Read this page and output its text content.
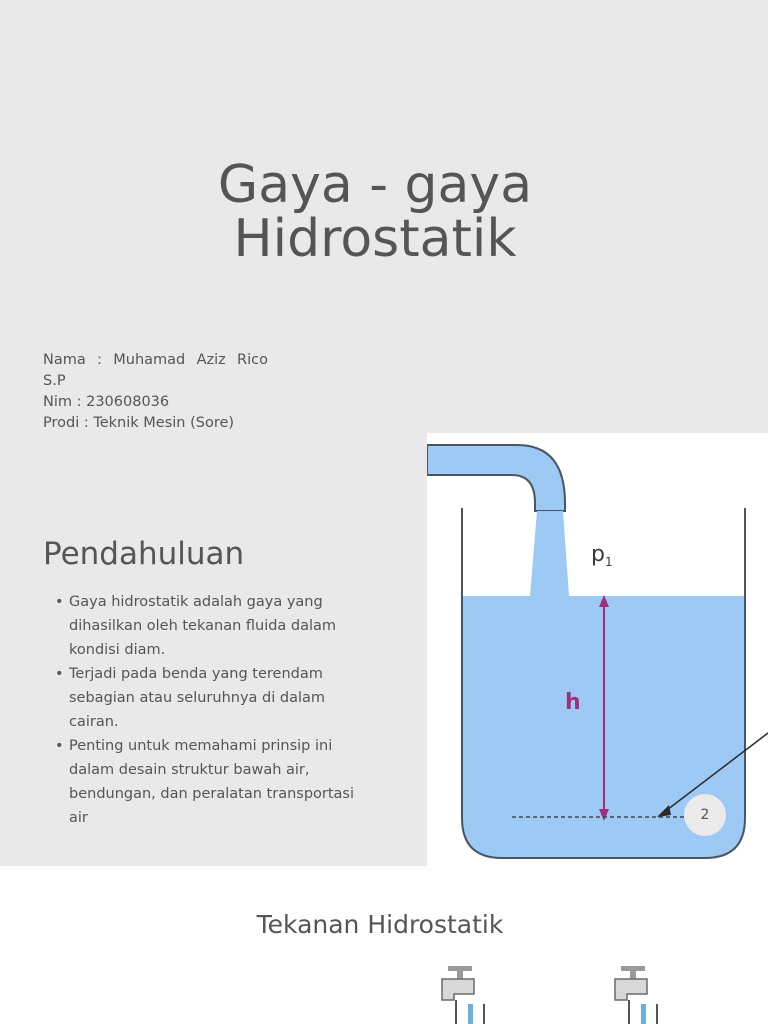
Gaya - gaya
Hidrostatik
Nama : Muhamad Aziz Rico
S.P
Nim : 230608036
Prodi : Teknik Mesin (Sore)
Pendahuluan
• Gaya hidrostatik adalah gaya yang dihasilkan oleh tekanan fluida dalam kondisi diam.
• Terjadi pada benda yang terendam sebagian atau seluruhnya di dalam cairan.
• Penting untuk memahami prinsip ini dalam desain struktur bawah air, bendungan, dan peralatan transportasi air
p 1
h
2
Tekanan Hidrostatik
